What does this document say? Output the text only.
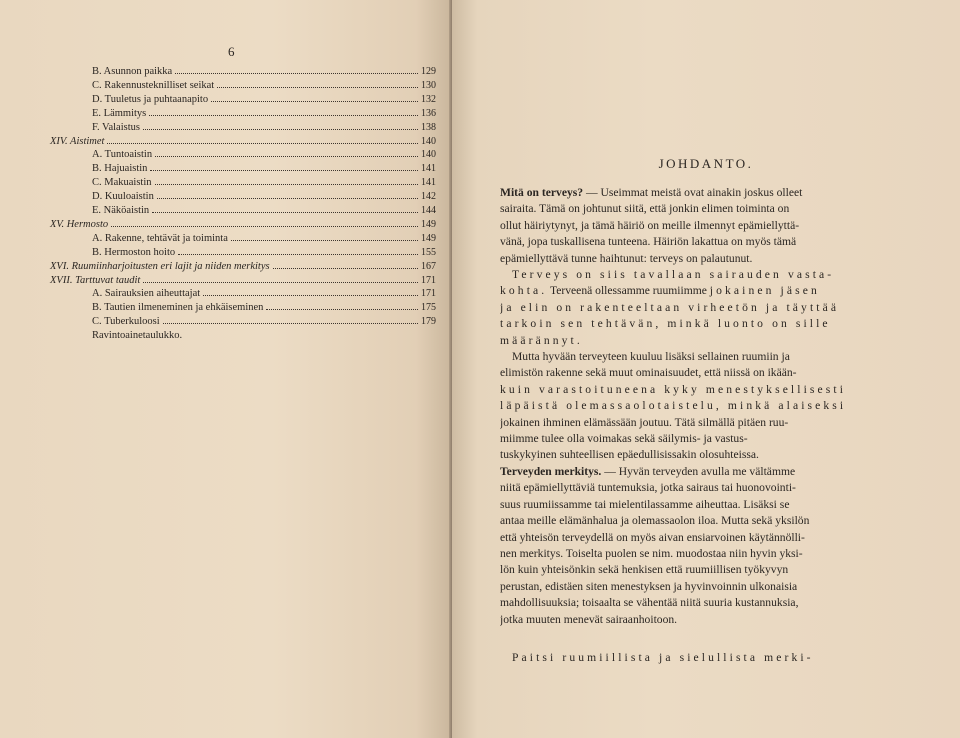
6
B. Asunnon paikka	129
C. Rakennusteknilliset seikat	130
D. Tuuletus ja puhtaanapito	132
E. Lämmitys	136
F. Valaistus	138
XIV. Aistimet	140
A. Tuntoaistin	140
B. Hajuaistin	141
C. Makuaistin	141
D. Kuuloaistin	142
E. Näköaistin	144
XV. Hermosto	149
A. Rakenne, tehtävät ja toiminta	149
B. Hermoston hoito	155
XVI. Ruumiinharjoitusten eri lajit ja niiden merkitys	167
XVII. Tarttuvat taudit	171
A. Sairauksien aiheuttajat	171
B. Tautien ilmeneminen ja ehkäiseminen	175
C. Tuberkuloosi	179
Ravintoainetaulukko.
JOHDANTO.
Mitä on terveys? — Useimmat meistä ovat ainakin joskus olleet
sairaita. Tämä on johtunut siitä, että jonkin elimen toiminta on
ollut häiriytynyt, ja tämä häiriö on meille ilmennyt epämiellyttä-
vänä, jopa tuskallisena tunteena. Häiriön lakattua on myös tämä
epämiellyttävä tunne haihtunut: terveys on palautunut.
Terveys on siis tavallaan sairauden vasta-
kohta. Terveenä ollessamme ruumiimme jokainen jäsen
ja elin on rakenteeltaan virheetön ja täyttää
tarkoin sen tehtävän, minkä luonto on sille
määrännyt.
Mutta hyvään terveyteen kuuluu lisäksi sellainen ruumiin ja
elimistön rakenne sekä muut ominaisuudet, että niissä on ikään-
kuin varastoituneena kyky menestyksellisesti
läpäistä olemassaolotaistelu, minkä alaiseksi
jokainen ihminen elämässään joutuu. Tätä silmällä pitäen ruu-
miimme tulee olla voimakas sekä säilymis- ja vastus-
tuskykyinen suhteellisen epäedullisissakin olosuhteissa.
Terveyden merkitys. — Hyvän terveyden avulla me vältämme
niitä epämiellyttäviä tuntemuksia, jotka sairaus tai huonovointi-
suus ruumiissamme tai mielentilassamme aiheuttaa. Lisäksi se
antaa meille elämänhalua ja olemassaolon iloa. Mutta sekä yksilön
että yhteisön terveydellä on myös aivan ensiarvoinen käytännölli-
nen merkitys. Toiselta puolen se nim. muodostaa niin hyvin yksi-
lön kuin yhteisönkin sekä henkisen että ruumiillisen työkyvyn
perustan, edistäen siten menestyksen ja hyvinvoinnin ulkonaisia
mahdollisuuksia; toisaalta se vähentää niitä suuria kustannuksia,
jotka muuten menevät sairaanhoitoon.
Paitsi ruumiillista ja sielullista merki-
